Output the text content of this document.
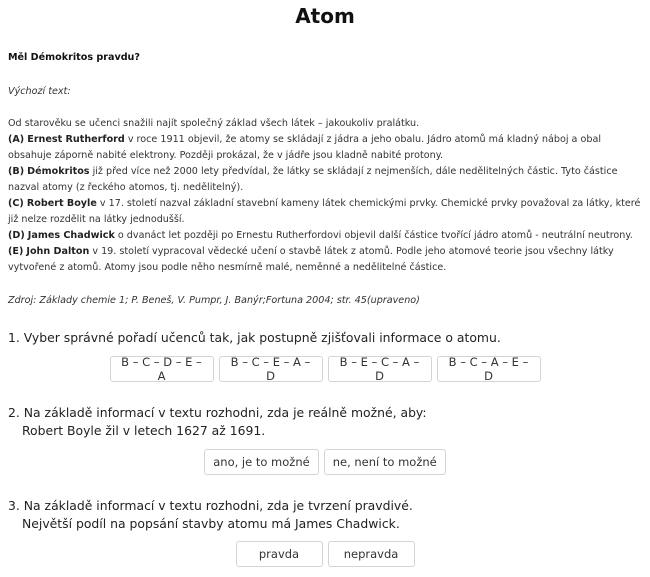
Atom

Měl Démokritos pravdu?

Výchozí text:

Od starověku se učenci snažili najít společný základ všech látek – jakoukoliv pralátku.

(A) Ernest Rutherford v roce 1911 objevil, že atomy se skládají z jádra a jeho obalu. Jádro atomů má kladný náboj a obal obsahuje záporně nabité elektrony. Později prokázal, že v jádře jsou kladně nabité protony.

(B) Démokritos již před více než 2000 lety předvídal, že látky se skládají z nejmenších, dále nedělitelných částic. Tyto částice nazval atomy (z řeckého atomos, tj. nedělitelný).

(C) Robert Boyle v 17. století nazval základní stavební kameny látek chemickými prvky. Chemické prvky považoval za látky, které již nelze rozdělit na látky jednodušší.

(D) James Chadwick o dvanáct let později po Ernestu Rutherfordovi objevil další částice tvořící jádro atomů - neutrální neutrony.

(E) John Dalton v 19. století vypracoval vědecké učení o stavbě látek z atomů. Podle jeho atomové teorie jsou všechny látky vytvořené z atomů. Atomy jsou podle něho nesmírně malé, neměnné a nedělitelné částice.

Zdroj: Základy chemie 1; P. Beneš, V. Pumpr, J. Banýr;Fortuna 2004; str. 45(upraveno)

1. Vyber správné pořadí učenců tak, jak postupně zjišťovali informace o atomu.
B – C – D – E – A
B – C – E – A – D
B – E – C – A – D
B – C – A – E – D
2. Na základě informací v textu rozhodni, zda je reálně možné, aby:
Robert Boyle žil v letech 1627 až 1691.
ano, je to možné	ne, není to možné
3. Na základě informací v textu rozhodni, zda je tvrzení pravdivé.
Největší podíl na popsání stavby atomu má James Chadwick.
pravda	nepravda
